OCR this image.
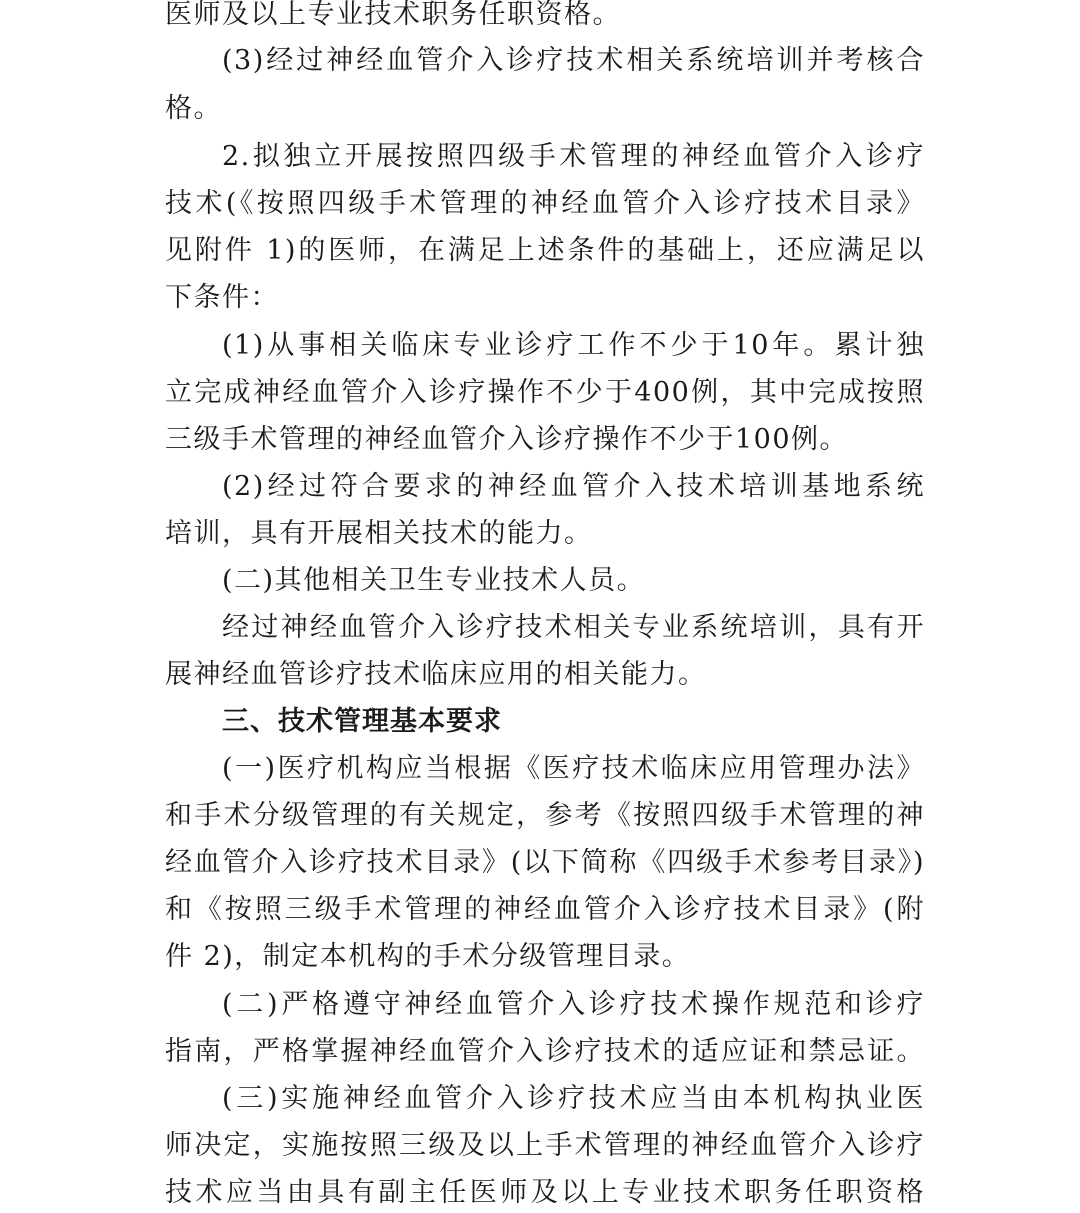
医师及以上专业技术职务任职资格。

(3)经过神经血管介入诊疗技术相关系统培训并考核合

格。

2.拟独立开展按照四级手术管理的神经血管介入诊疗

技术(《按照四级手术管理的神经血管介入诊疗技术目录》

见附件 1)的医师，在满足上述条件的基础上，还应满足以

下条件：

(1)从事相关临床专业诊疗工作不少于10年。累计独

立完成神经血管介入诊疗操作不少于400例，其中完成按照

三级手术管理的神经血管介入诊疗操作不少于100例。

(2)经过符合要求的神经血管介入技术培训基地系统

培训，具有开展相关技术的能力。

(二)其他相关卫生专业技术人员。

经过神经血管介入诊疗技术相关专业系统培训，具有开

展神经血管诊疗技术临床应用的相关能力。

三、技术管理基本要求

(一)医疗机构应当根据《医疗技术临床应用管理办法》

和手术分级管理的有关规定，参考《按照四级手术管理的神

经血管介入诊疗技术目录》(以下简称《四级手术参考目录》)

和《按照三级手术管理的神经血管介入诊疗技术目录》(附

件 2)，制定本机构的手术分级管理目录。

(二)严格遵守神经血管介入诊疗技术操作规范和诊疗

指南，严格掌握神经血管介入诊疗技术的适应证和禁忌证。

(三)实施神经血管介入诊疗技术应当由本机构执业医

师决定，实施按照三级及以上手术管理的神经血管介入诊疗

技术应当由具有副主任医师及以上专业技术职务任职资格
